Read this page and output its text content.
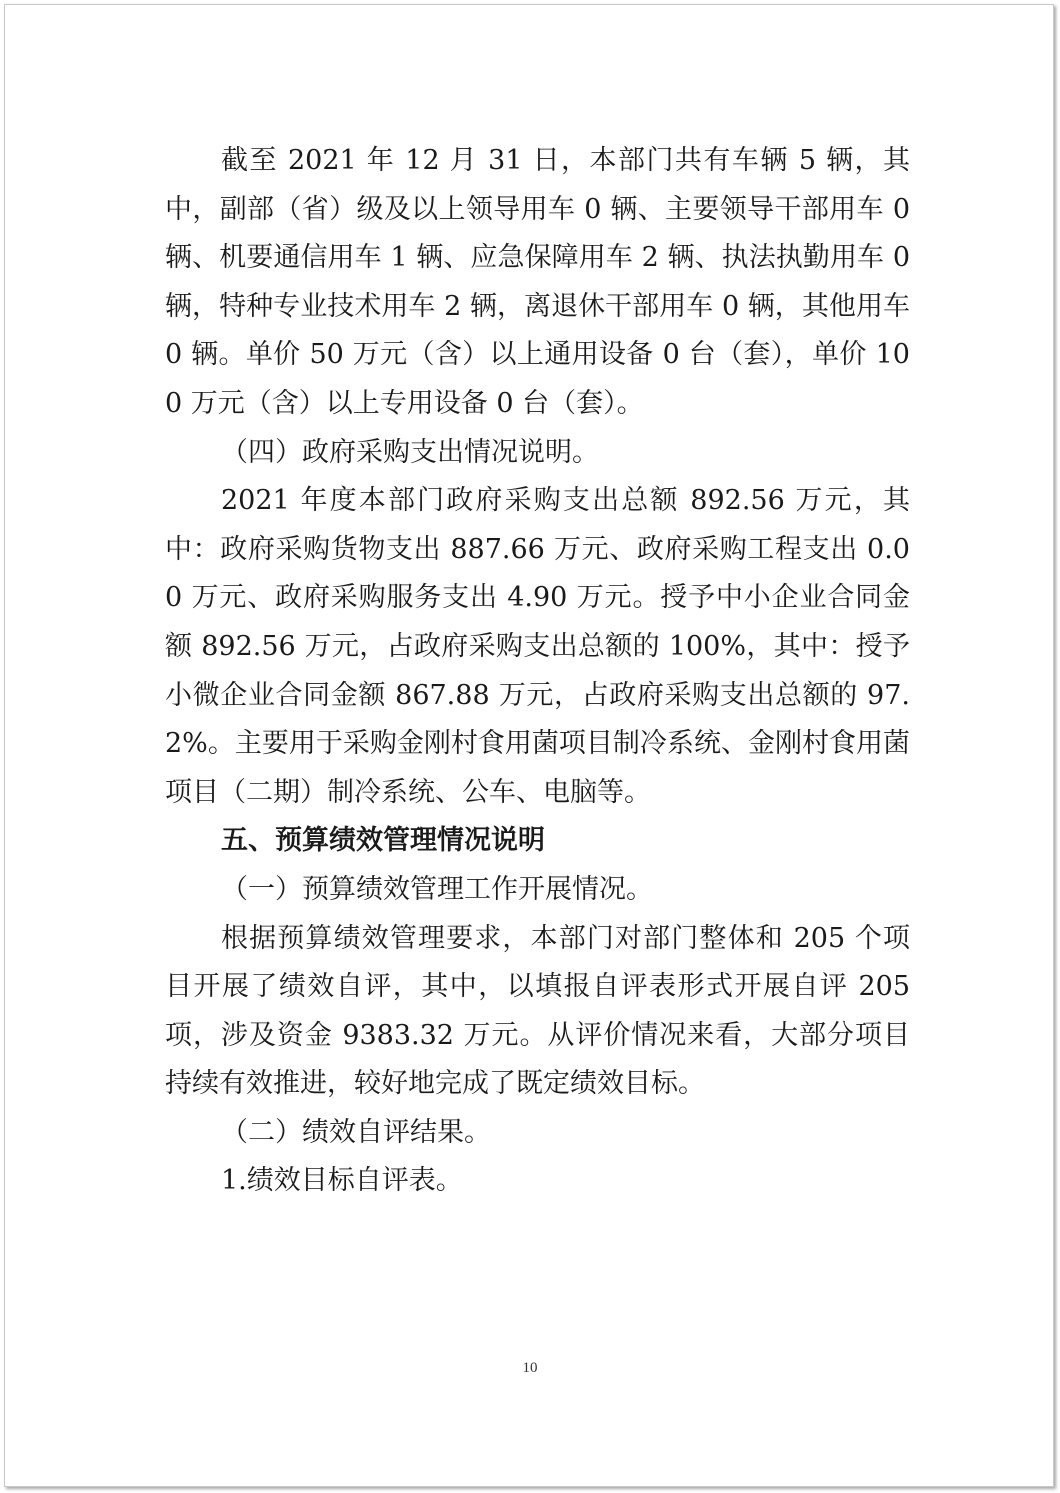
截至 2021 年 12 月 31 日，本部门共有车辆 5 辆，其中，副部（省）级及以上领导用车 0 辆、主要领导干部用车 0 辆、机要通信用车 1 辆、应急保障用车 2 辆、执法执勤用车 0 辆，特种专业技术用车 2 辆，离退休干部用车 0 辆，其他用车 0 辆。单价 50 万元（含）以上通用设备 0 台（套），单价 100 万元（含）以上专用设备 0 台（套）。

（四）政府采购支出情况说明。

2021 年度本部门政府采购支出总额 892.56 万元，其中：政府采购货物支出 887.66 万元、政府采购工程支出 0.00 万元、政府采购服务支出 4.90 万元。授予中小企业合同金额 892.56 万元，占政府采购支出总额的 100%，其中：授予小微企业合同金额 867.88 万元，占政府采购支出总额的 97.2%。主要用于采购金刚村食用菌项目制冷系统、金刚村食用菌项目（二期）制冷系统、公车、电脑等。

五、预算绩效管理情况说明

（一）预算绩效管理工作开展情况。

根据预算绩效管理要求，本部门对部门整体和 205 个项目开展了绩效自评，其中，以填报自评表形式开展自评 205 项，涉及资金 9383.32 万元。从评价情况来看，大部分项目持续有效推进，较好地完成了既定绩效目标。

（二）绩效自评结果。

1.绩效目标自评表。

10
